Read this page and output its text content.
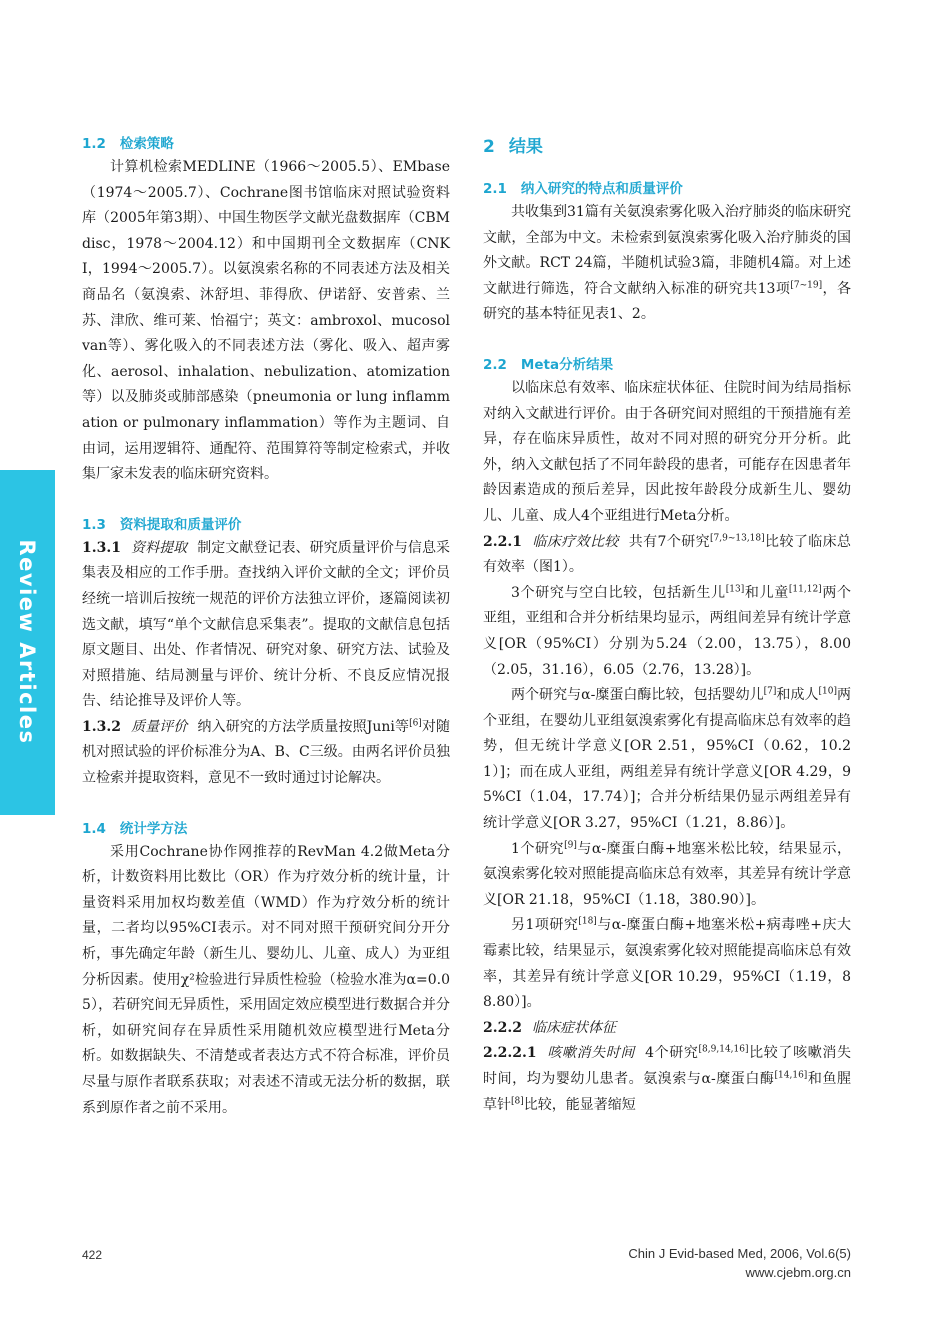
Review Articles
1.2 检索策略

计算机检索MEDLINE（1966～2005.5）、EMbase（1974～2005.7）、Cochrane图书馆临床对照试验资料库（2005年第3期）、中国生物医学文献光盘数据库（CBMdisc，1978～2004.12）和中国期刊全文数据库（CNKI，1994～2005.7）。以氨溴索名称的不同表述方法及相关商品名（氨溴索、沐舒坦、菲得欣、伊诺舒、安普索、兰苏、津欣、维可莱、怡福宁；英文：ambroxol、mucosolvan等）、雾化吸入的不同表述方法（雾化、吸入、超声雾化、aerosol、inhalation、nebulization、atomization等）以及肺炎或肺部感染（pneumonia or lung inflammation or pulmonary inflammation）等作为主题词、自由词，运用逻辑符、通配符、范围算符等制定检索式，并收集厂家未发表的临床研究资料。

1.3 资料提取和质量评价

1.3.1 资料提取 制定文献登记表、研究质量评价与信息采集表及相应的工作手册。查找纳入评价文献的全文；评价员经统一培训后按统一规范的评价方法独立评价，逐篇阅读初选文献，填写“单个文献信息采集表”。提取的文献信息包括原文题目、出处、作者情况、研究对象、研究方法、试验及对照措施、结局测量与评价、统计分析、不良反应情况报告、结论推导及评价人等。

1.3.2 质量评价 纳入研究的方法学质量按照Juni等[6]对随机对照试验的评价标准分为A、B、C三级。由两名评价员独立检索并提取资料，意见不一致时通过讨论解决。

1.4 统计学方法

采用Cochrane协作网推荐的RevMan 4.2做Meta分析，计数资料用比数比（OR）作为疗效分析的统计量，计量资料采用加权均数差值（WMD）作为疗效分析的统计量，二者均以95%CI表示。对不同对照干预研究间分开分析，事先确定年龄（新生儿、婴幼儿、儿童、成人）为亚组分析因素。使用χ²检验进行异质性检验（检验水准为α=0.05），若研究间无异质性，采用固定效应模型进行数据合并分析，如研究间存在异质性采用随机效应模型进行Meta分析。如数据缺失、不清楚或者表达方式不符合标准，评价员尽量与原作者联系获取；对表述不清或无法分析的数据，联系到原作者之前不采用。

2 结果
2.1 纳入研究的特点和质量评价

共收集到31篇有关氨溴索雾化吸入治疗肺炎的临床研究文献，全部为中文。未检索到氨溴索雾化吸入治疗肺炎的国外文献。RCT 24篇，半随机试验3篇，非随机4篇。对上述文献进行筛选，符合文献纳入标准的研究共13项[7~19]，各研究的基本特征见表1、2。

2.2 Meta分析结果

以临床总有效率、临床症状体征、住院时间为结局指标对纳入文献进行评价。由于各研究间对照组的干预措施有差异，存在临床异质性，故对不同对照的研究分开分析。此外，纳入文献包括了不同年龄段的患者，可能存在因患者年龄因素造成的预后差异，因此按年龄段分成新生儿、婴幼儿、儿童、成人4个亚组进行Meta分析。

2.2.1 临床疗效比较 共有7个研究[7,9~13,18]比较了临床总有效率（图1）。

3个研究与空白比较，包括新生儿[13]和儿童[11,12]两个亚组，亚组和合并分析结果均显示，两组间差异有统计学意义[OR（95%CI）分别为5.24（2.00，13.75），8.00（2.05，31.16），6.05（2.76，13.28）]。

两个研究与α-糜蛋白酶比较，包括婴幼儿[7]和成人[10]两个亚组，在婴幼儿亚组氨溴索雾化有提高临床总有效率的趋势，但无统计学意义[OR 2.51，95%CI（0.62，10.21）]；而在成人亚组，两组差异有统计学意义[OR 4.29，95%CI（1.04，17.74）]；合并分析结果仍显示两组差异有统计学意义[OR 3.27，95%CI（1.21，8.86）]。

1个研究[9]与α-糜蛋白酶+地塞米松比较，结果显示，氨溴索雾化较对照能提高临床总有效率，其差异有统计学意义[OR 21.18，95%CI（1.18，380.90）]。

另1项研究[18]与α-糜蛋白酶+地塞米松+病毒唑+庆大霉素比较，结果显示，氨溴索雾化较对照能提高临床总有效率，其差异有统计学意义[OR 10.29，95%CI（1.19，88.80）]。

2.2.2 临床症状体征

2.2.2.1 咳嗽消失时间 4个研究[8,9,14,16]比较了咳嗽消失时间，均为婴幼儿患者。氨溴索与α-糜蛋白酶[14,16]和鱼腥草针[8]比较，能显著缩短

422	Chin J Evid-based Med, 2006, Vol.6(5)
www.cjebm.org.cn
